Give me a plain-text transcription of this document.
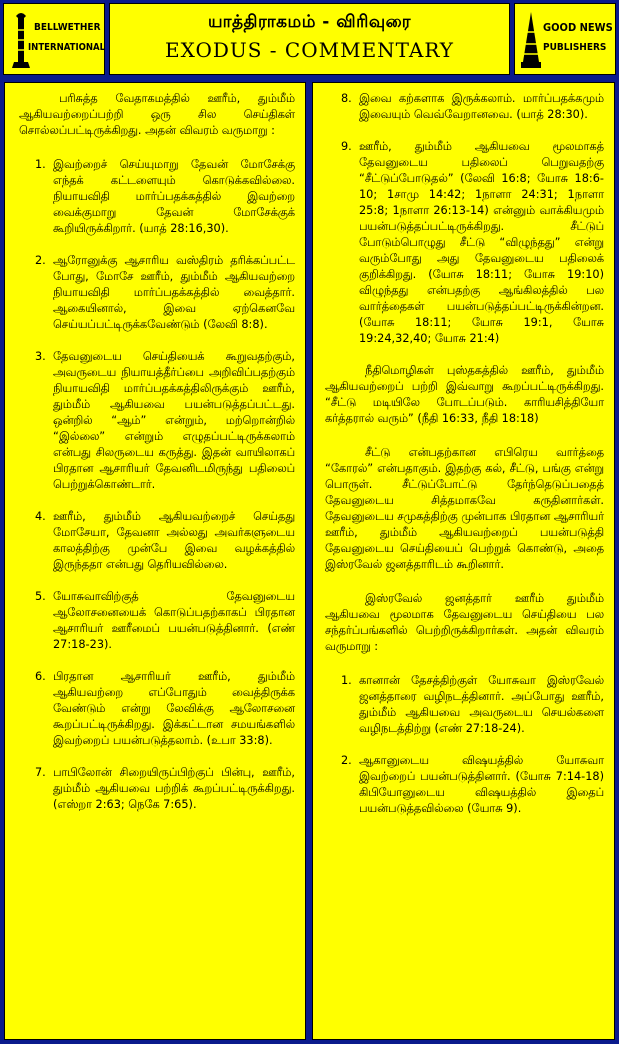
BELLWETHER
INTERNATIONAL
யாத்திராகமம் - விரிவுரை
EXODUS - COMMENTARY
GOOD NEWS
PUBLISHERS

பரிசுத்த வேதாகமத்தில் ஊரீம், தும்மீம் ஆகியவற்றைப்பற்றி ஒரு சில செய்திகள் சொல்லப்பட்டிருக்கிறது. அதன் விவரம் வருமாறு :

1. இவற்றைச் செய்யுமாறு தேவன் மோசேக்கு எந்தக் கட்டளையும் கொடுக்கவில்லை. நியாயவிதி மார்ப்பதக்கத்தில் இவற்றை வைக்குமாறு தேவன் மோசேக்குக் கூறியிருக்கிறார். (யாத் 28:16,30).
2. ஆரோனுக்கு ஆசாரிய வஸ்திரம் தரிக்கப்பட்ட போது, மோசே ஊரீம், தும்மீம் ஆகியவற்றை நியாயவிதி மார்ப்பதக்கத்தில் வைத்தார். ஆகையினால், இவை ஏற்கெனவே செய்யப்பட்டிருக்கவேண்டும் (லேவி 8:8).
3. தேவனுடைய செய்தியைக் கூறுவதற்கும், அவருடைய நியாயத்தீர்ப்பை அறிவிப்பதற்கும் நியாயவிதி மார்ப்பதக்கத்திலிருக்கும் ஊரீம், தும்மீம் ஆகியவை பயன்படுத்தப்பட்டது. ஒன்றில் “ஆம்” என்றும், மற்றொன்றில் “இல்லை” என்றும் எழுதப்பட்டிருக்கலாம் என்பது சிலருடைய கருத்து. இதன் வாயிலாகப் பிரதான ஆசாரியர் தேவனிடமிருந்து பதிலைப் பெற்றுக்கொண்டார்.
4. ஊரீம், தும்மீம் ஆகியவற்றைச் செய்தது மோசேயா, தேவனா அல்லது அவர்களுடைய காலத்திற்கு முன்பே இவை வழக்கத்தில் இருந்ததா என்பது தெரியவில்லை.
5. யோசுவாவிற்குத் தேவனுடைய ஆலோசனையைக் கொடுப்பதற்காகப் பிரதான ஆசாரியர் ஊரீமைப் பயன்படுத்தினார். (எண் 27:18-23).
6. பிரதான ஆசாரியர் ஊரீம், தும்மீம் ஆகியவற்றை எப்போதும் வைத்திருக்க வேண்டும் என்று லேவிக்கு ஆலோசனை கூறப்பட்டிருக்கிறது. இக்கட்டான சமயங்களில் இவற்றைப் பயன்படுத்தலாம். (உபா 33:8).
7. பாபிலோன் சிறையிருப்பிற்குப் பின்பு, ஊரீம், தும்மீம் ஆகியவை பற்றிக் கூறப்பட்டிருக்கிறது. (எஸ்றா 2:63; நெகே 7:65).
8. இவை கற்களாக இருக்கலாம். மார்ப்பதக்கமும் இவையும் வெவ்வேறானவை. (யாத் 28:30).
9. ஊரீம், தும்மீம் ஆகியவை மூலமாகத் தேவனுடைய பதிலைப் பெறுவதற்கு “சீட்டுப்போடுதல்” (லேவி 16:8; யோசு 18:6-10; 1சாமு 14:42; 1நாளா 24:31; 1நாளா 25:8; 1நாளா 26:13-14) என்னும் வாக்கியமும் பயன்படுத்தப்பட்டிருக்கிறது. சீட்டுப் போடும்பொழுது சீட்டு “விழுந்தது” என்று வரும்போது அது தேவனுடைய பதிலைக் குறிக்கிறது. (யோசு 18:11; யோசு 19:10) விழுந்தது என்பதற்கு ஆங்கிலத்தில் பல வார்த்தைகள் பயன்படுத்தப்பட்டிருக்கின்றன. (யோசு 18:11; யோசு 19:1, யோசு 19:24,32,40; யோசு 21:4)

நீதிமொழிகள் புஸ்தகத்தில் ஊரீம், தும்மீம் ஆகியவற்றைப் பற்றி இவ்வாறு கூறப்பட்டிருக்கிறது. “சீட்டு மடியிலே போடப்படும். காரியசித்தியோ கர்த்தரால் வரும்” (நீதி 16:33, நீதி 18:18)

சீட்டு என்பதற்கான எபிரெய வார்த்தை “கோரல்” என்பதாகும். இதற்கு கல், சீட்டு, பங்கு என்று பொருள். சீட்டுப்போட்டு தேர்ந்தெடுப்பதைத் தேவனுடைய சித்தமாகவே கருதினார்கள். தேவனுடைய சமுகத்திற்கு முன்பாக பிரதான ஆசாரியர் ஊரீம், தும்மீம் ஆகியவற்றைப் பயன்படுத்தி தேவனுடைய செய்தியைப் பெற்றுக் கொண்டு, அதை இஸ்ரவேல் ஜனத்தாரிடம் கூறினார்.

இஸ்ரவேல் ஜனத்தார் ஊரீம் தும்மீம் ஆகியவை மூலமாக தேவனுடைய செய்தியை பல சந்தர்ப்பங்களில் பெற்றிருக்கிறார்கள். அதன் விவரம் வருமாறு :

1. கானான் தேசத்திற்குள் யோசுவா இஸ்ரவேல் ஜனத்தாரை வழிநடத்தினார். அப்போது ஊரீம், தும்மீம் ஆகியவை அவருடைய செயல்களை வழிநடத்திற்று (எண் 27:18-24).
2. ஆகானுடைய விஷயத்தில் யோசுவா இவற்றைப் பயன்படுத்தினார். (யோசு 7:14-18) கிபியோனுடைய விஷயத்தில் இதைப் பயன்படுத்தவில்லை (யோசு 9).
